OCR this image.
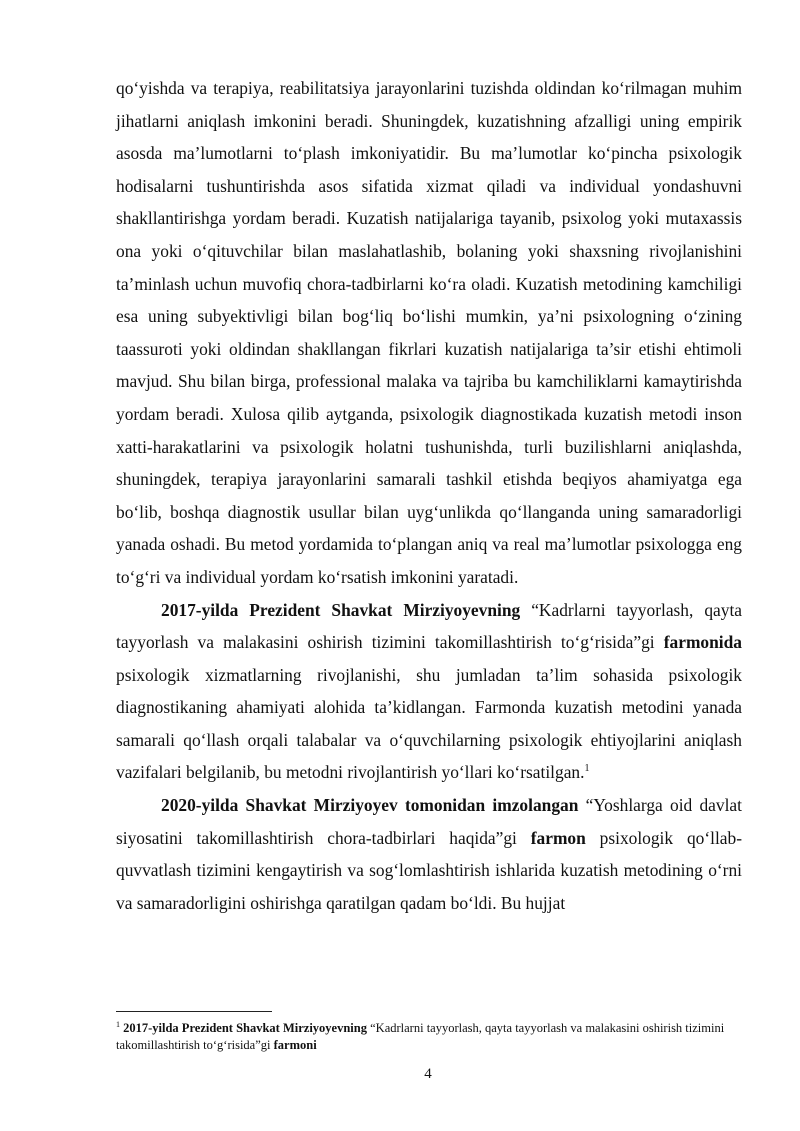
qo‘yishda va terapiya, reabilitatsiya jarayonlarini tuzishda oldindan ko‘rilmagan muhim jihatlarni aniqlash imkonini beradi. Shuningdek, kuzatishning afzalligi uning empirik asosda ma’lumotlarni to‘plash imkoniyatidir. Bu ma’lumotlar ko‘pincha psixologik hodisalarni tushuntirishda asos sifatida xizmat qiladi va individual yondashuvni shakllantirishga yordam beradi. Kuzatish natijalariga tayanib, psixolog yoki mutaxassis ona yoki o‘qituvchilar bilan maslahatlashib, bolaning yoki shaxsning rivojlanishini ta’minlash uchun muvofiq chora-tadbirlarni ko‘ra oladi. Kuzatish metodining kamchiligi esa uning subyektivligi bilan bog‘liq bo‘lishi mumkin, ya’ni psixologning o‘zining taassuroti yoki oldindan shakllangan fikrlari kuzatish natijalariga ta’sir etishi ehtimoli mavjud. Shu bilan birga, professional malaka va tajriba bu kamchiliklarni kamaytirishda yordam beradi. Xulosa qilib aytganda, psixologik diagnostikada kuzatish metodi inson xatti-harakatlarini va psixologik holatni tushunishda, turli buzilishlarni aniqlashda, shuningdek, terapiya jarayonlarini samarali tashkil etishda beqiyos ahamiyatga ega bo‘lib, boshqa diagnostik usullar bilan uyg‘unlikda qo‘llanganda uning samaradorligi yanada oshadi. Bu metod yordamida to‘plangan aniq va real ma’lumotlar psixologga eng to‘g‘ri va individual yordam ko‘rsatish imkonini yaratadi.

2017-yilda Prezident Shavkat Mirziyoyevning “Kadrlarni tayyorlash, qayta tayyorlash va malakasini oshirish tizimini takomillashtirish to‘g‘risida”gi farmonida psixologik xizmatlarning rivojlanishi, shu jumladan ta’lim sohasida psixologik diagnostikaning ahamiyati alohida ta’kidlangan. Farmonda kuzatish metodini yanada samarali qo‘llash orqali talabalar va o‘quvchilarning psixologik ehtiyojlarini aniqlash vazifalari belgilanib, bu metodni rivojlantirish yo‘llari ko‘rsatilgan.$^1$

2020-yilda Shavkat Mirziyoyev tomonidan imzolangan “Yoshlarga oid davlat siyosatini takomillashtirish chora-tadbirlari haqida”gi farmon psixologik qo‘llab-quvvatlash tizimini kengaytirish va sog‘lomlashtirish ishlarida kuzatish metodining o‘rni va samaradorligini oshirishga qaratilgan qadam bo‘ldi. Bu hujjat

$^1$ 2017-yilda Prezident Shavkat Mirziyoyevning “Kadrlarni tayyorlash, qayta tayyorlash va malakasini oshirish tizimini takomillashtirish to‘g‘risida”gi farmoni

4
